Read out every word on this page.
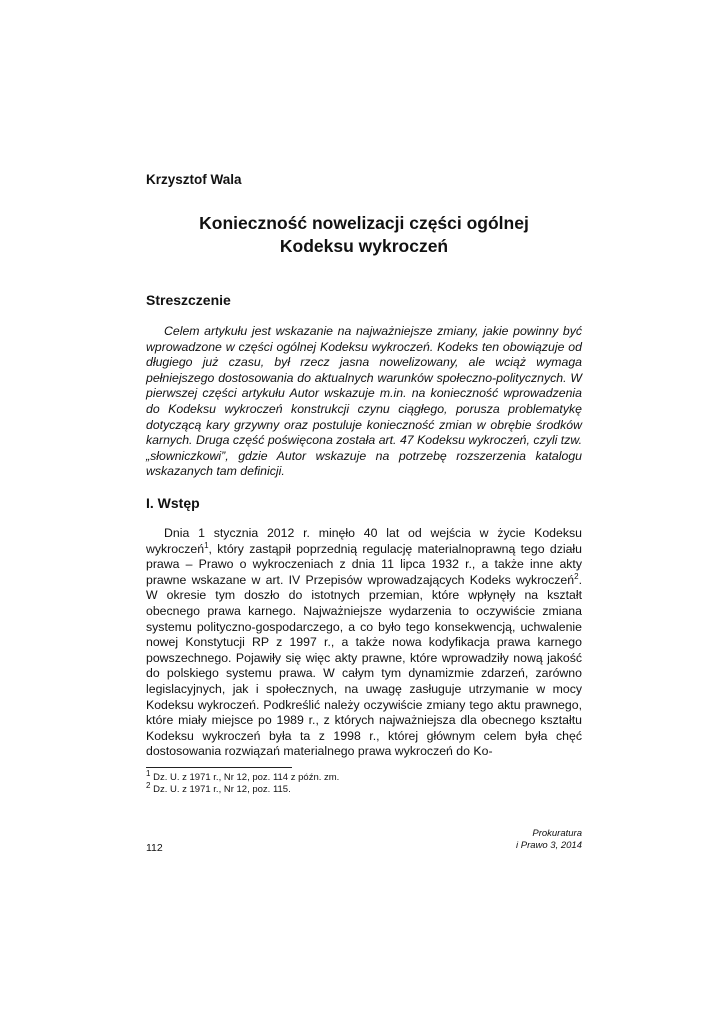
Krzysztof Wala
Konieczność nowelizacji części ogólnej
Kodeksu wykroczeń
Streszczenie

Celem artykułu jest wskazanie na najważniejsze zmiany, jakie powinny być wprowadzone w części ogólnej Kodeksu wykroczeń. Kodeks ten obowiązuje od długiego już czasu, był rzecz jasna nowelizowany, ale wciąż wymaga pełniejszego dostosowania do aktualnych warunków społeczno-politycznych. W pierwszej części artykułu Autor wskazuje m.in. na konieczność wprowadzenia do Kodeksu wykroczeń konstrukcji czynu ciągłego, porusza problematykę dotyczącą kary grzywny oraz postuluje konieczność zmian w obrębie środków karnych. Druga część poświęcona została art. 47 Kodeksu wykroczeń, czyli tzw. „słowniczkowi”, gdzie Autor wskazuje na potrzebę rozszerzenia katalogu wskazanych tam definicji.

I. Wstęp

Dnia 1 stycznia 2012 r. minęło 40 lat od wejścia w życie Kodeksu wykroczeń$^1$, który zastąpił poprzednią regulację materialnoprawną tego działu prawa – Prawo o wykroczeniach z dnia 11 lipca 1932 r., a także inne akty prawne wskazane w art. IV Przepisów wprowadzających Kodeks wykroczeń$^2$. W okresie tym doszło do istotnych przemian, które wpłynęły na kształt obecnego prawa karnego. Najważniejsze wydarzenia to oczywiście zmiana systemu polityczno-gospodarczego, a co było tego konsekwencją, uchwalenie nowej Konstytucji RP z 1997 r., a także nowa kodyfikacja prawa karnego powszechnego. Pojawiły się więc akty prawne, które wprowadziły nową jakość do polskiego systemu prawa. W całym tym dynamizmie zdarzeń, zarówno legislacyjnych, jak i społecznych, na uwagę zasługuje utrzymanie w mocy Kodeksu wykroczeń. Podkreślić należy oczywiście zmiany tego aktu prawnego, które miały miejsce po 1989 r., z których najważniejsza dla obecnego kształtu Kodeksu wykroczeń była ta z 1998 r., której głównym celem była chęć dostosowania rozwiązań materialnego prawa wykroczeń do Ko-

$^1$ Dz. U. z 1971 r., Nr 12, poz. 114 z późn. zm.
$^2$ Dz. U. z 1971 r., Nr 12, poz. 115.
112
Prokuratura
i Prawo 3, 2014
